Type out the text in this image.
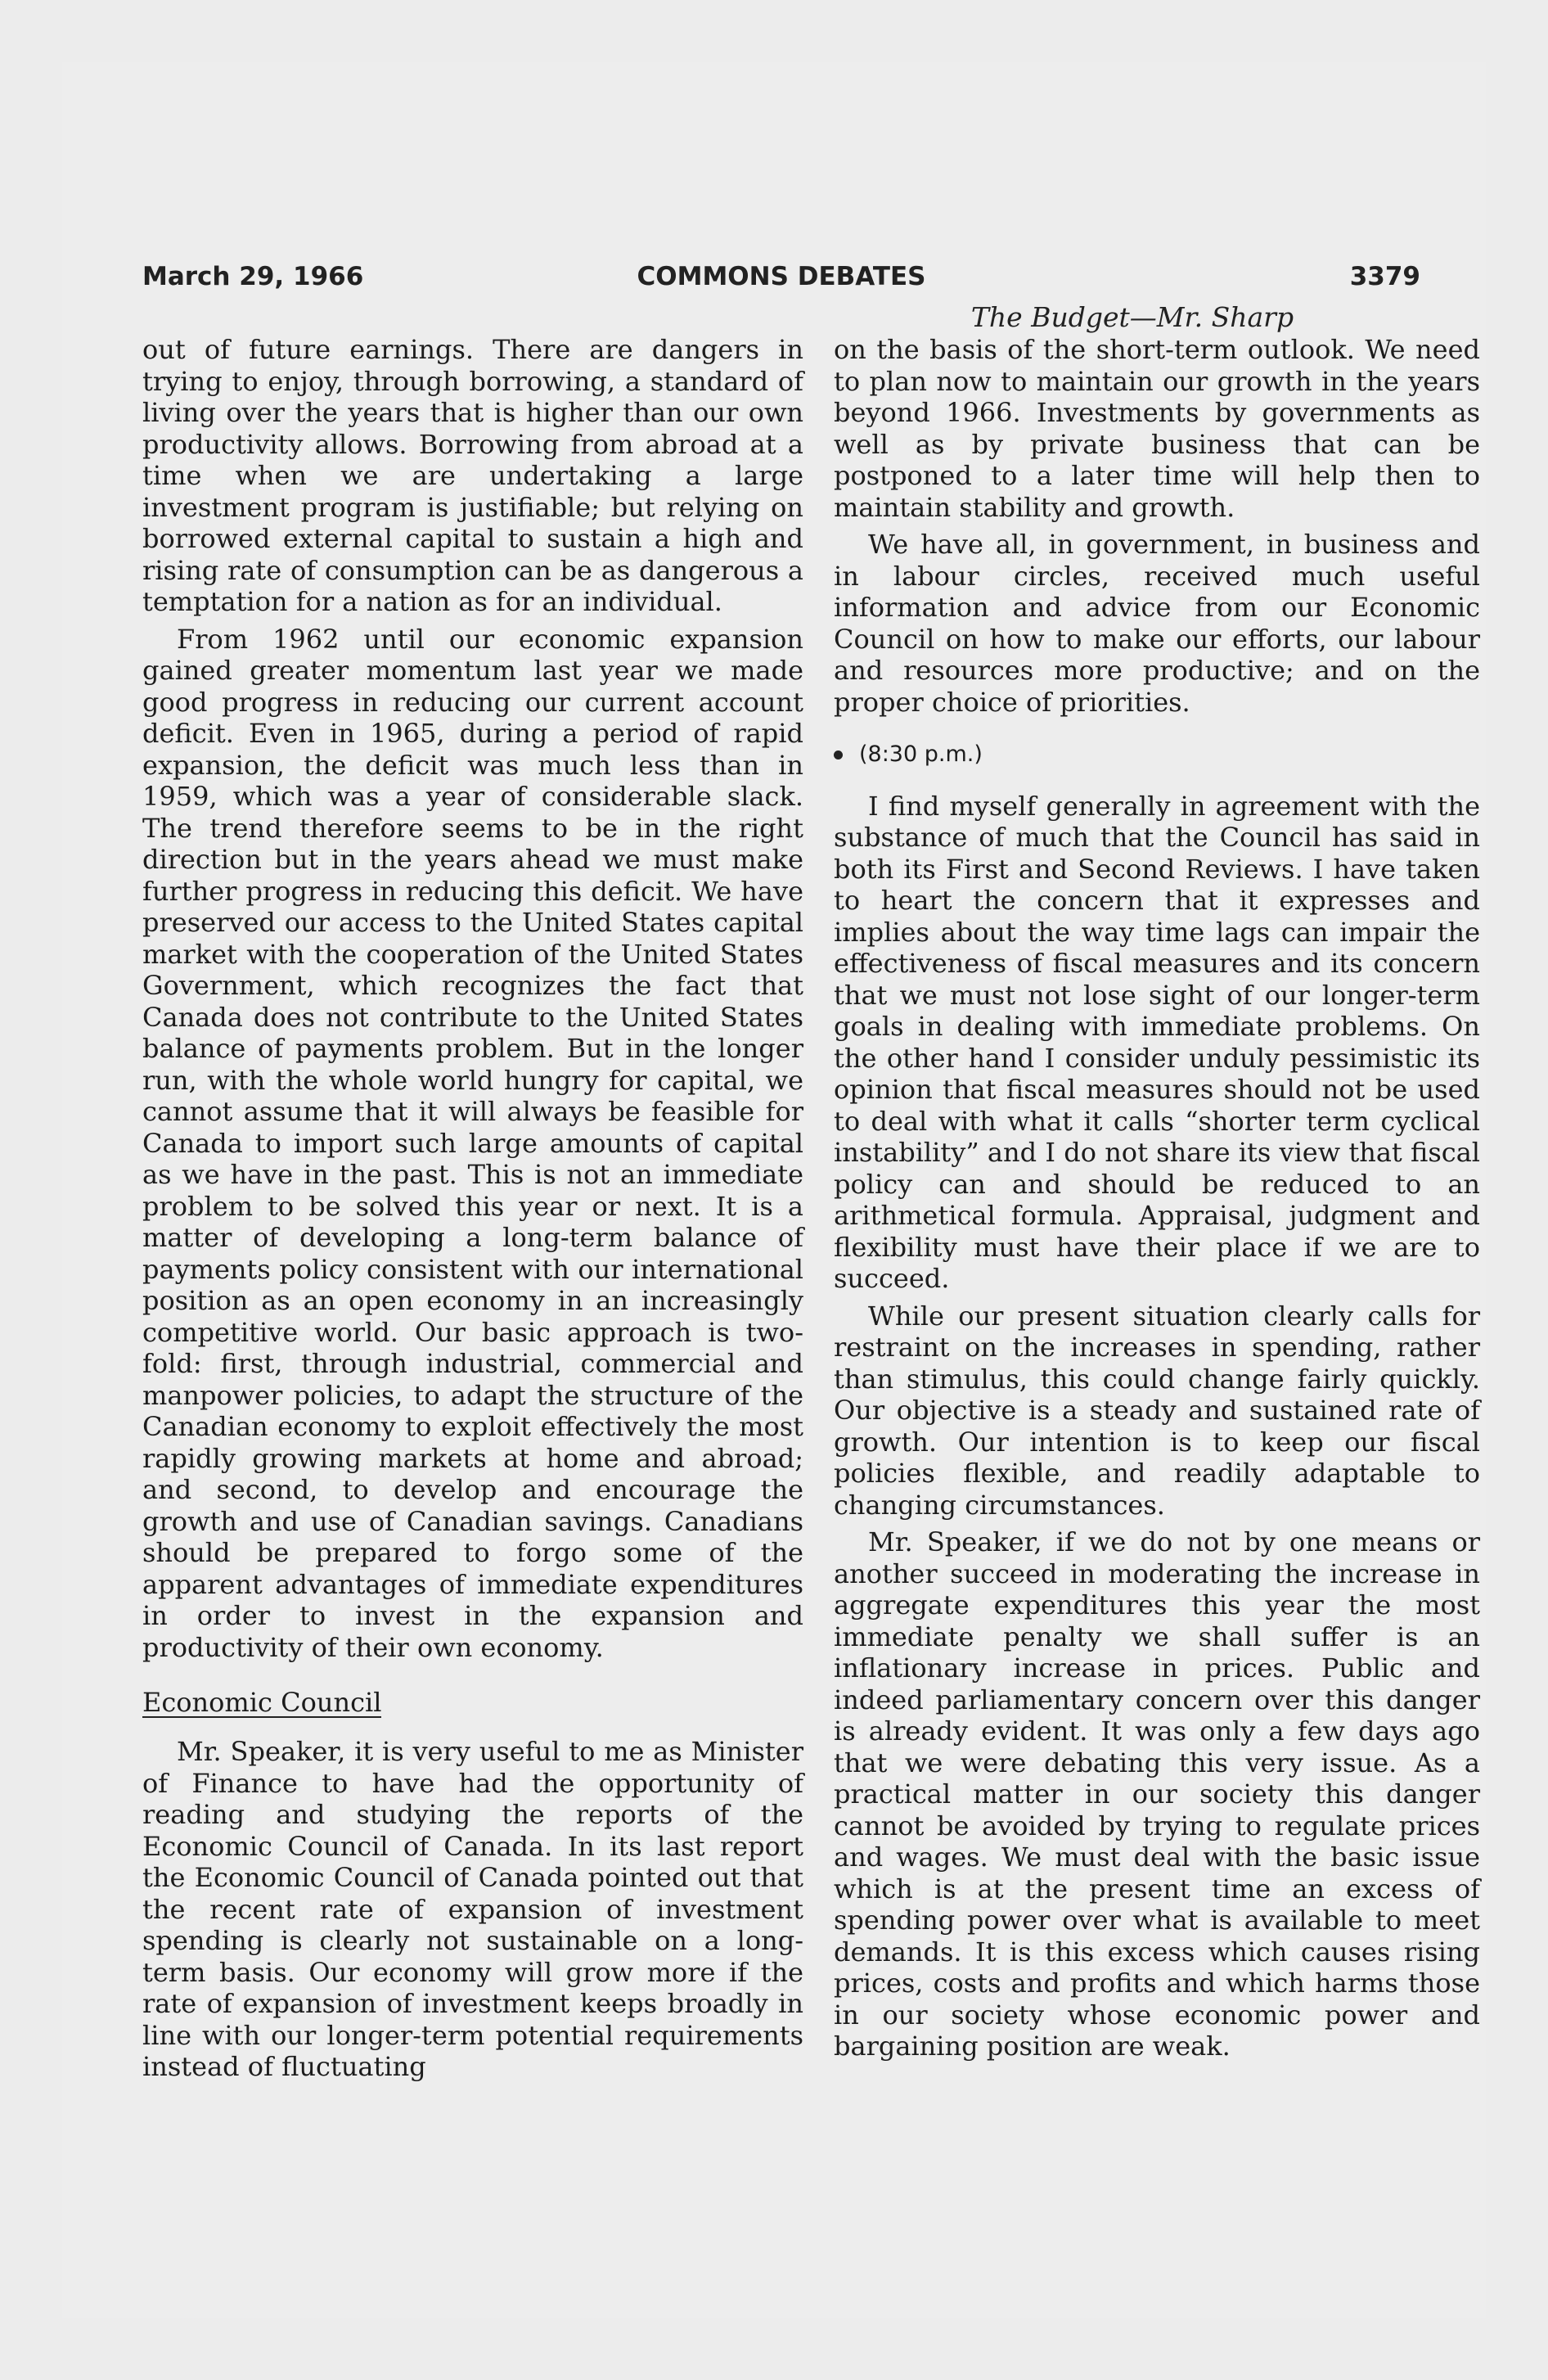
COMMONS DEBATES
March 29, 1966	3379
The Budget—Mr. Sharp

out of future earnings. There are dangers in trying to enjoy, through borrowing, a standard of living over the years that is higher than our own productivity allows. Borrowing from abroad at a time when we are undertaking a large investment program is justifiable; but relying on borrowed external capital to sustain a high and rising rate of consumption can be as dangerous a temptation for a nation as for an individual.

From 1962 until our economic expansion gained greater momentum last year we made good progress in reducing our current account deficit. Even in 1965, during a period of rapid expansion, the deficit was much less than in 1959, which was a year of considerable slack. The trend therefore seems to be in the right direction but in the years ahead we must make further progress in reducing this deficit. We have preserved our access to the United States capital market with the cooperation of the United States Government, which recognizes the fact that Canada does not contribute to the United States balance of payments problem. But in the longer run, with the whole world hungry for capital, we cannot assume that it will always be feasible for Canada to import such large amounts of capital as we have in the past. This is not an immediate problem to be solved this year or next. It is a matter of developing a long-term balance of payments policy consistent with our international position as an open economy in an increasingly competitive world. Our basic approach is two-fold: first, through industrial, commercial and manpower policies, to adapt the structure of the Canadian economy to exploit effectively the most rapidly growing markets at home and abroad; and second, to develop and encourage the growth and use of Canadian savings. Canadians should be prepared to forgo some of the apparent advantages of immediate expenditures in order to invest in the expansion and productivity of their own economy.

Economic Council

Mr. Speaker, it is very useful to me as Minister of Finance to have had the opportunity of reading and studying the reports of the Economic Council of Canada. In its last report the Economic Council of Canada pointed out that the recent rate of expansion of investment spending is clearly not sustainable on a long-term basis. Our economy will grow more if the rate of expansion of investment keeps broadly in line with our longer-term potential requirements instead of fluctuating

on the basis of the short-term outlook. We need to plan now to maintain our growth in the years beyond 1966. Investments by governments as well as by private business that can be postponed to a later time will help then to maintain stability and growth.

We have all, in government, in business and in labour circles, received much useful information and advice from our Economic Council on how to make our efforts, our labour and resources more productive; and on the proper choice of priorities.

(8:30 p.m.)

I find myself generally in agreement with the substance of much that the Council has said in both its First and Second Reviews. I have taken to heart the concern that it expresses and implies about the way time lags can impair the effectiveness of fiscal measures and its concern that we must not lose sight of our longer-term goals in dealing with immediate problems. On the other hand I consider unduly pessimistic its opinion that fiscal measures should not be used to deal with what it calls “shorter term cyclical instability” and I do not share its view that fiscal policy can and should be reduced to an arithmetical formula. Appraisal, judgment and flexibility must have their place if we are to succeed.

While our present situation clearly calls for restraint on the increases in spending, rather than stimulus, this could change fairly quickly. Our objective is a steady and sustained rate of growth. Our intention is to keep our fiscal policies flexible, and readily adaptable to changing circumstances.

Mr. Speaker, if we do not by one means or another succeed in moderating the increase in aggregate expenditures this year the most immediate penalty we shall suffer is an inflationary increase in prices. Public and indeed parliamentary concern over this danger is already evident. It was only a few days ago that we were debating this very issue. As a practical matter in our society this danger cannot be avoided by trying to regulate prices and wages. We must deal with the basic issue which is at the present time an excess of spending power over what is available to meet demands. It is this excess which causes rising prices, costs and profits and which harms those in our society whose economic power and bargaining position are weak.
